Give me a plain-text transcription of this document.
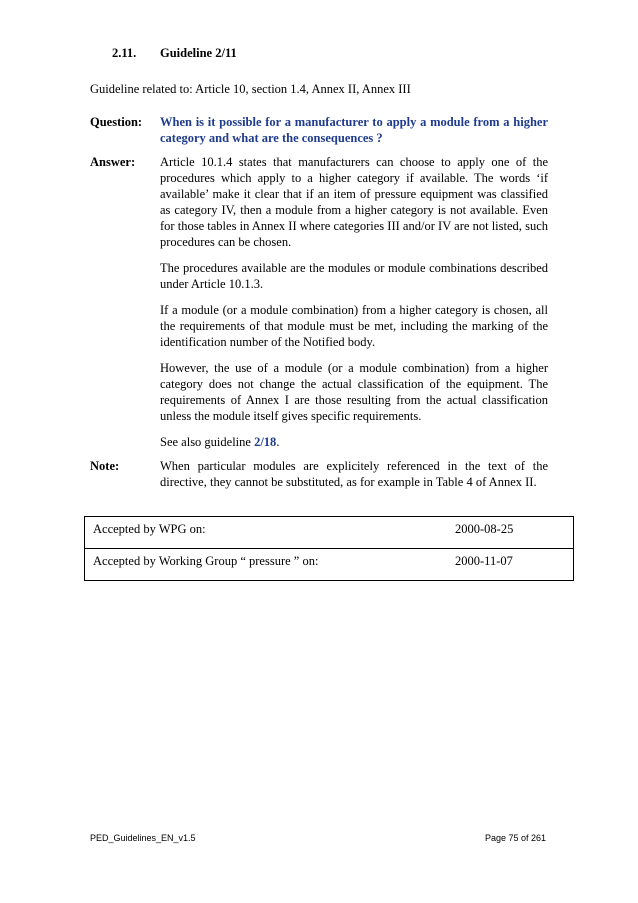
2.11. Guideline 2/11
Guideline related to: Article 10, section 1.4, Annex II, Annex III
Question: When is it possible for a manufacturer to apply a module from a higher category and what are the consequences ?
Answer: Article 10.1.4 states that manufacturers can choose to apply one of the procedures which apply to a higher category if available. The words ‘if available’ make it clear that if an item of pressure equipment was classified as category IV, then a module from a higher category is not available. Even for those tables in Annex II where categories III and/or IV are not listed, such procedures can be chosen.

The procedures available are the modules or module combinations described under Article 10.1.3.

If a module (or a module combination) from a higher category is chosen, all the requirements of that module must be met, including the marking of the identification number of the Notified body.

However, the use of a module (or a module combination) from a higher category does not change the actual classification of the equipment. The requirements of Annex I are those resulting from the actual classification unless the module itself gives specific requirements.

See also guideline 2/18.

Note:	When particular modules are explicitely referenced in the text of the directive, they cannot be substituted, as for example in Table 4 of Annex II.
Accepted by WPG on:	2000-08-25
Accepted by Working Group “ pressure ” on:	2000-11-07
PED_Guidelines_EN_v1.5	Page 75 of 261
